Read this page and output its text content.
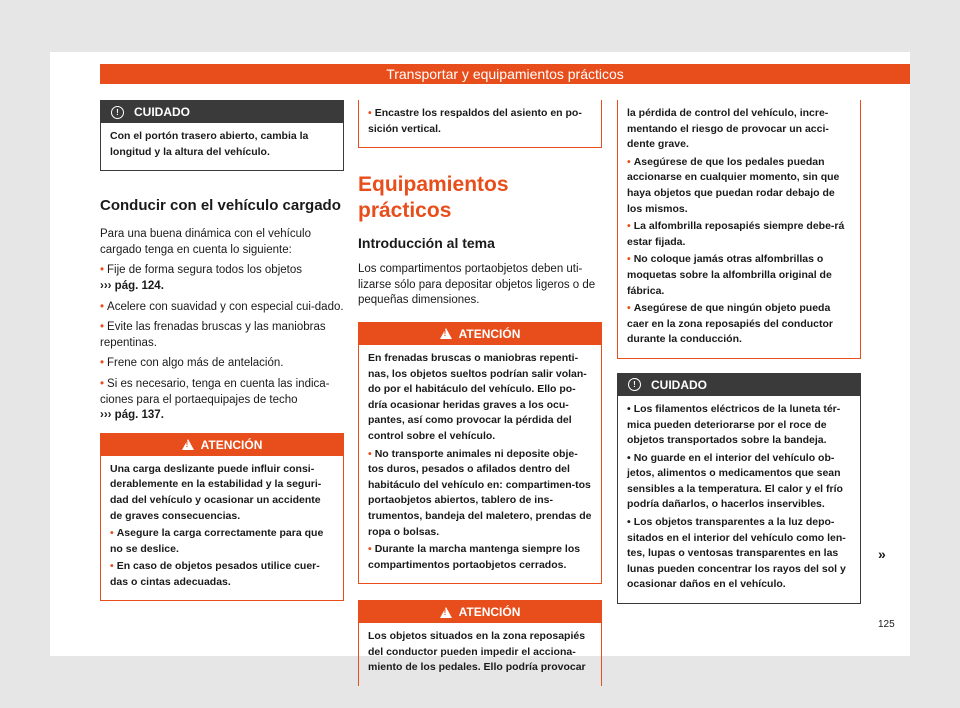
Transportar y equipamientos prácticos
!	CUIDADO

Con el portón trasero abierto, cambia la longitud y la altura del vehículo.

Conducir con el vehículo cargado

Para una buena dinámica con el vehículo cargado tenga en cuenta lo siguiente:

• Fije de forma segura todos los objetos
››› pág. 124.

• Acelere con suavidad y con especial cui-dado.

• Evite las frenadas bruscas y las maniobras repentinas.

• Frene con algo más de antelación.

• Si es necesario, tenga en cuenta las indica-ciones para el portaequipajes de techo
››› pág. 137.

!
ATENCIÓN

Una carga deslizante puede influir consi-derablemente en la estabilidad y la seguri-dad del vehículo y ocasionar un accidente de graves consecuencias.

• Asegure la carga correctamente para que no se deslice.

• En caso de objetos pesados utilice cuer-das o cintas adecuadas.

• Encastre los respaldos del asiento en po-sición vertical.

Equipamientos prácticos
Introducción al tema

Los compartimentos portaobjetos deben uti-lizarse sólo para depositar objetos ligeros o de pequeñas dimensiones.

!
ATENCIÓN

En frenadas bruscas o maniobras repenti-nas, los objetos sueltos podrían salir volan-do por el habitáculo del vehículo. Ello po-dría ocasionar heridas graves a los ocu-pantes, así como provocar la pérdida del control sobre el vehículo.

• No transporte animales ni deposite obje-tos duros, pesados o afilados dentro del habitáculo del vehículo en: compartimen-tos portaobjetos abiertos, tablero de ins-trumentos, bandeja del maletero, prendas de ropa o bolsas.

• Durante la marcha mantenga siempre los compartimentos portaobjetos cerrados.

!
ATENCIÓN

Los objetos situados en la zona reposapiés del conductor pueden impedir el acciona-miento de los pedales. Ello podría provocar

la pérdida de control del vehículo, incre-mentando el riesgo de provocar un acci-dente grave.

• Asegúrese de que los pedales puedan accionarse en cualquier momento, sin que haya objetos que puedan rodar debajo de los mismos.

• La alfombrilla reposapiés siempre debe-rá estar fijada.

• No coloque jamás otras alfombrillas o moquetas sobre la alfombrilla original de fábrica.

• Asegúrese de que ningún objeto pueda caer en la zona reposapiés del conductor durante la conducción.

!	CUIDADO

• Los filamentos eléctricos de la luneta tér-mica pueden deteriorarse por el roce de objetos transportados sobre la bandeja.

• No guarde en el interior del vehículo ob-jetos, alimentos o medicamentos que sean sensibles a la temperatura. El calor y el frío podría dañarlos, o hacerlos inservibles.

• Los objetos transparentes a la luz depo-sitados en el interior del vehículo como len-tes, lupas o ventosas transparentes en las lunas pueden concentrar los rayos del sol y ocasionar daños en el vehículo.

»
125
